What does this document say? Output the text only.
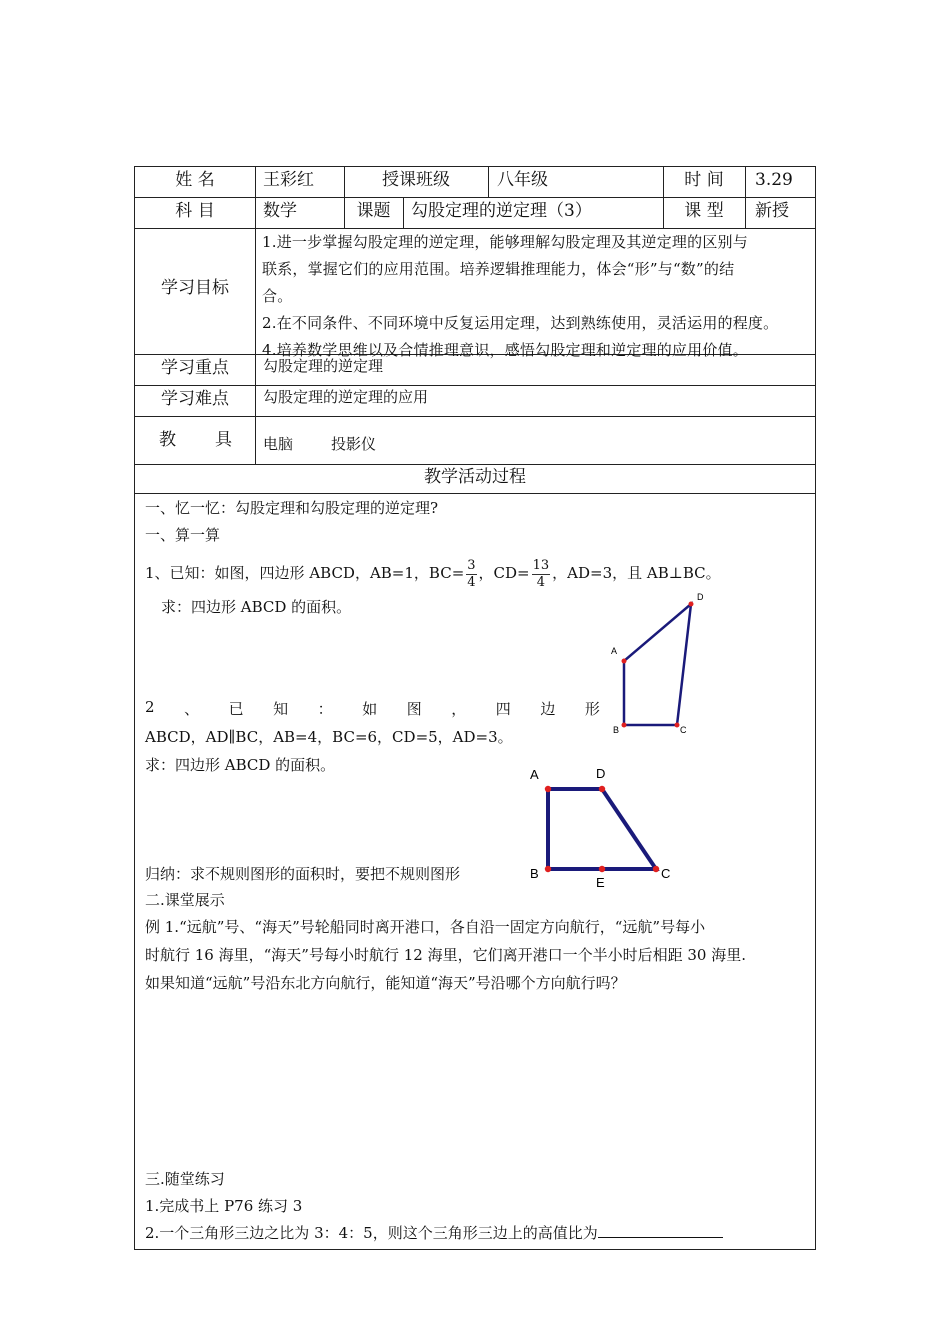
姓 名	王彩红	授课班级	八年级	时 间	3.29
科 目	数学	课题	勾股定理的逆定理（3）	课 型	新授
学习目标

1.进一步掌握勾股定理的逆定理，能够理解勾股定理及其逆定理的区别与

联系，掌握它们的应用范围。培养逻辑推理能力，体会“形”与“数”的结

合。

2.在不同条件、不同环境中反复运用定理，达到熟练使用，灵活运用的程度。

4.培养数学思维以及合情推理意识，感悟勾股定理和逆定理的应用价值。

学习重点	勾股定理的逆定理
学习难点	勾股定理的逆定理的应用
教 具 电脑	投影仪
教学活动过程
一、忆一忆：勾股定理和勾股定理的逆定理?
一、算一算
1、已知：如图，四边形 ABCD，AB=1，$BC= \frac{3}{4}$ ，$CD= \frac{13}{4}$ ，AD=3，且 AB⊥BC。
求：四边形 ABCD 的面积。
2 、 已 知 ： 如 图 ， 四 边 形
ABCD，AD∥BC，AB=4，BC=6，CD=5，AD=3。
求：四边形 ABCD 的面积。
归纳：求不规则图形的面积时，要把不规则图形
二.课堂展示
例 1.“远航”号、“海天”号轮船同时离开港口，各自沿一固定方向航行，“远航”号每小
时航行 16 海里，“海天”号每小时航行 12 海里，它们离开港口一个半小时后相距 30 海里.
如果知道“远航”号沿东北方向航行，能知道“海天”号沿哪个方向航行吗？
三.随堂练习
1.完成书上 P76 练习 3
2.一个三角形三边之比为 3：4：5，则这个三角形三边上的高值比为
A
B	C
D
A	D
B
E
C
